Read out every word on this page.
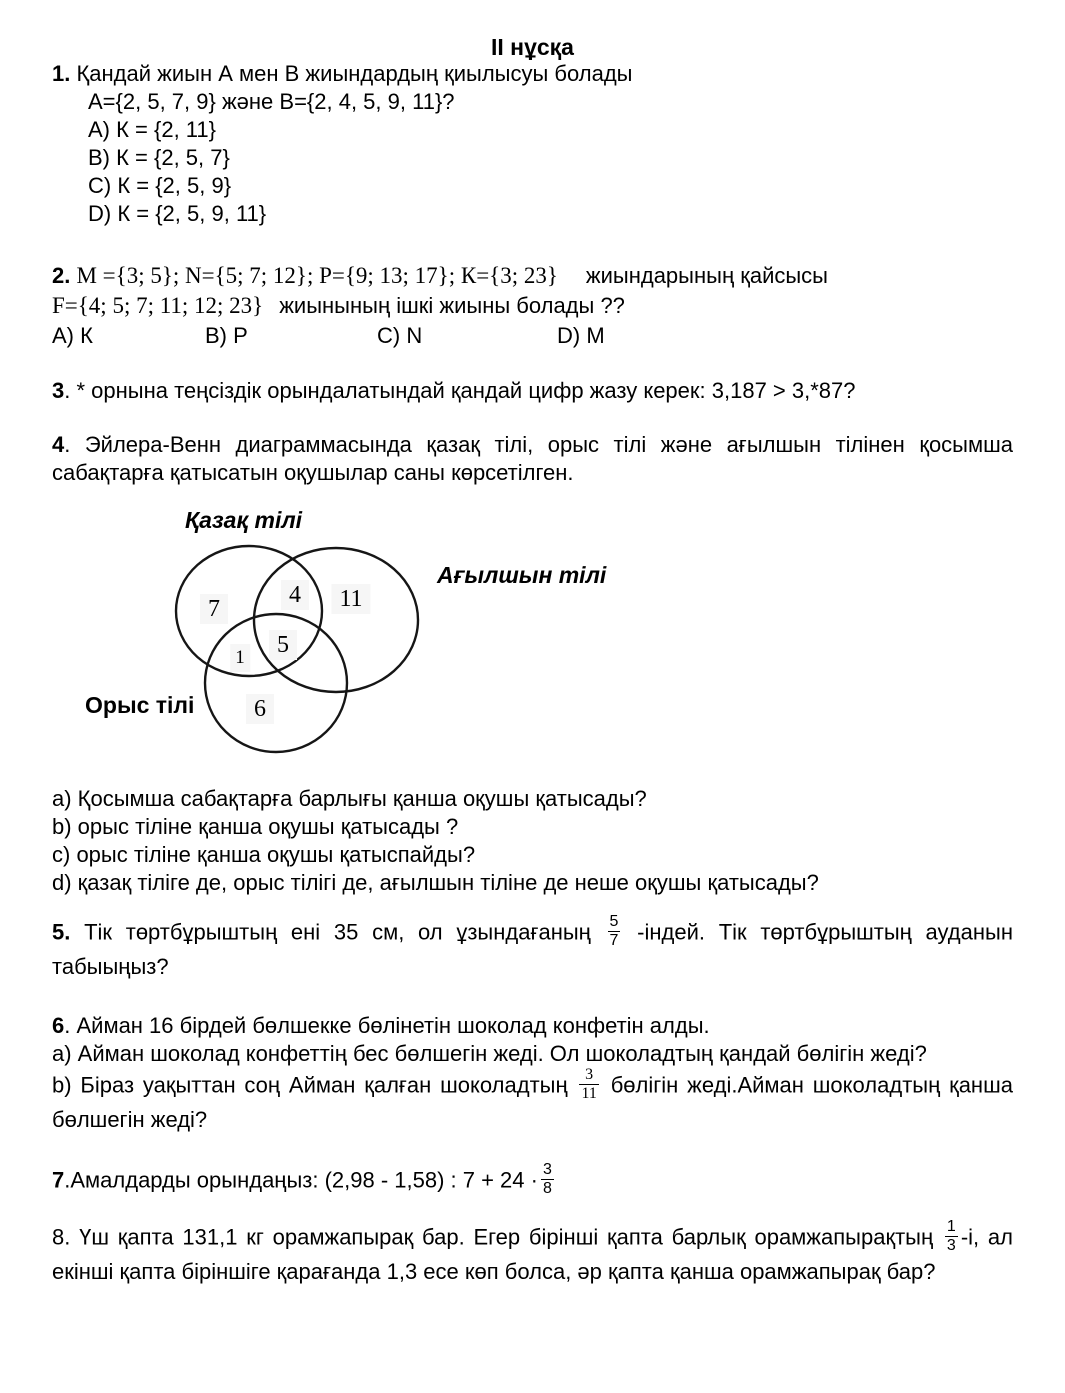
II нұсқа

1. Қандай жиын А мен В жиындардың қиылысуы болады

А={2, 5, 7, 9} және В={2, 4, 5, 9, 11}?

А) К = {2, 11}

В) К = {2, 5, 7}

С) К = {2, 5, 9}

D) К = {2, 5, 9, 11}

2. М ={3; 5}; N={5; 7; 12}; Р={9; 13; 17}; К={3; 23} жиындарының қайсысы

F={4; 5; 7; 11; 12; 23} жиынының ішкі жиыны болады ??

А) К	В) Р	С) N	D) М

3. * орнына теңсіздік орындалатындай қандай цифр жазу керек: 3,187 > 3,*87?

4. Эйлера-Венн диаграммасында қазақ тілі, орыс тілі және ағылшын тілінен қосымша сабақтарға қатысатын оқушылар саны көрсетілген.

Қазақ тілі
Ағылшын тілі
Орыс тілі
7
4	11
5
1
6

a) Қосымша сабақтарға барлығы қанша оқушы қатысады?

b) орыс тіліне қанша оқушы қатысады ?

c) орыс тіліне қанша оқушы қатыспайды?

d) қазақ тіліге де, орыс тілігі де, ағылшын тіліне де неше оқушы қатысады?

5. Тік төртбұрыштың ені 35 см, ол ұзындағаның $\frac{5}{7}$ -індей. Тік төртбұрыштың ауданын табыыңыз?

6. Айман 16 бірдей бөлшекке бөлінетін шоколад конфетін алды.

a) Айман шоколад конфеттің бес бөлшегін жеді. Ол шоколадтың қандай бөлігін жеді?

b) Біраз уақыттан соң Айман қалған шоколадтың $\frac{3}{11}$ бөлігін жеді.Айман шоколадтың қанша бөлшегін жеді?

7.Амалдарды орындаңыз: (2,98 - 1,58) : $7 + 24 \cdot \frac{3}{8}$

8. Үш қапта 131,1 кг орамжапырақ бар. Егер бірінші қапта барлық орамжапырақтың $\frac{1}{3} -і$, ал екінші қапта біріншіге қарағанда 1,3 есе көп болса, әр қапта қанша орамжапырақ бар?
